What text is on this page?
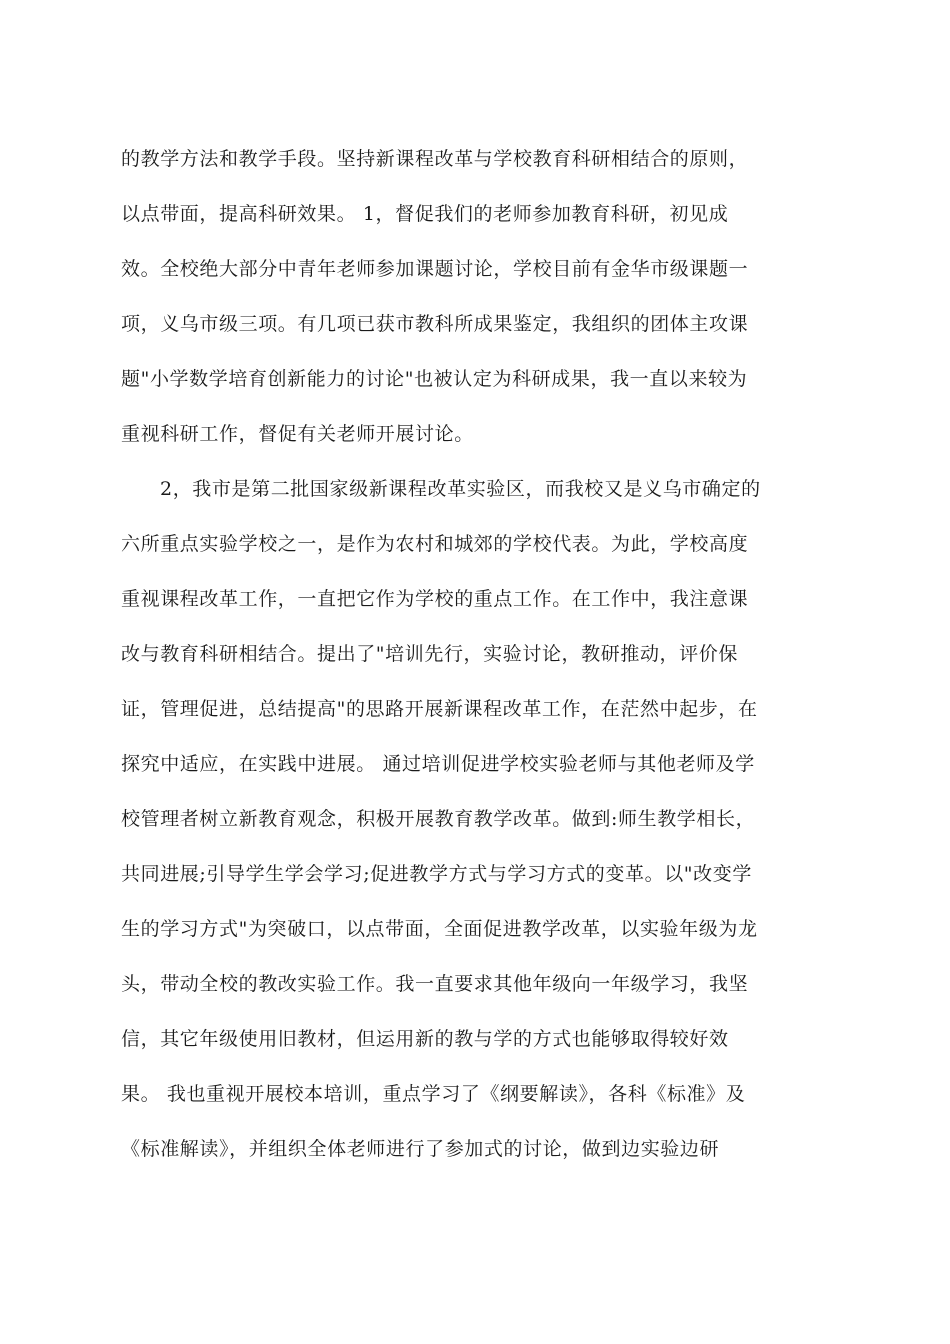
的教学方法和教学手段。坚持新课程改革与学校教育科研相结合的原则，
以点带面，提高科研效果。 1，督促我们的老师参加教育科研，初见成
效。全校绝大部分中青年老师参加课题讨论，学校目前有金华市级课题一
项，义乌市级三项。有几项已获市教科所成果鉴定，我组织的团体主攻课
题"小学数学培育创新能力的讨论"也被认定为科研成果，我一直以来较为
重视科研工作，督促有关老师开展讨论。
2，我市是第二批国家级新课程改革实验区，而我校又是义乌市确定的
六所重点实验学校之一，是作为农村和城郊的学校代表。为此，学校高度
重视课程改革工作，一直把它作为学校的重点工作。在工作中，我注意课
改与教育科研相结合。提出了"培训先行，实验讨论，教研推动，评价保
证，管理促进，总结提高"的思路开展新课程改革工作，在茫然中起步，在
探究中适应，在实践中进展。 通过培训促进学校实验老师与其他老师及学
校管理者树立新教育观念，积极开展教育教学改革。做到:师生教学相长，
共同进展;引导学生学会学习;促进教学方式与学习方式的变革。以"改变学
生的学习方式"为突破口，以点带面，全面促进教学改革，以实验年级为龙
头，带动全校的教改实验工作。我一直要求其他年级向一年级学习，我坚
信，其它年级使用旧教材，但运用新的教与学的方式也能够取得较好效
果。 我也重视开展校本培训，重点学习了《纲要解读》，各科《标准》及
《标准解读》，并组织全体老师进行了参加式的讨论，做到边实验边研
